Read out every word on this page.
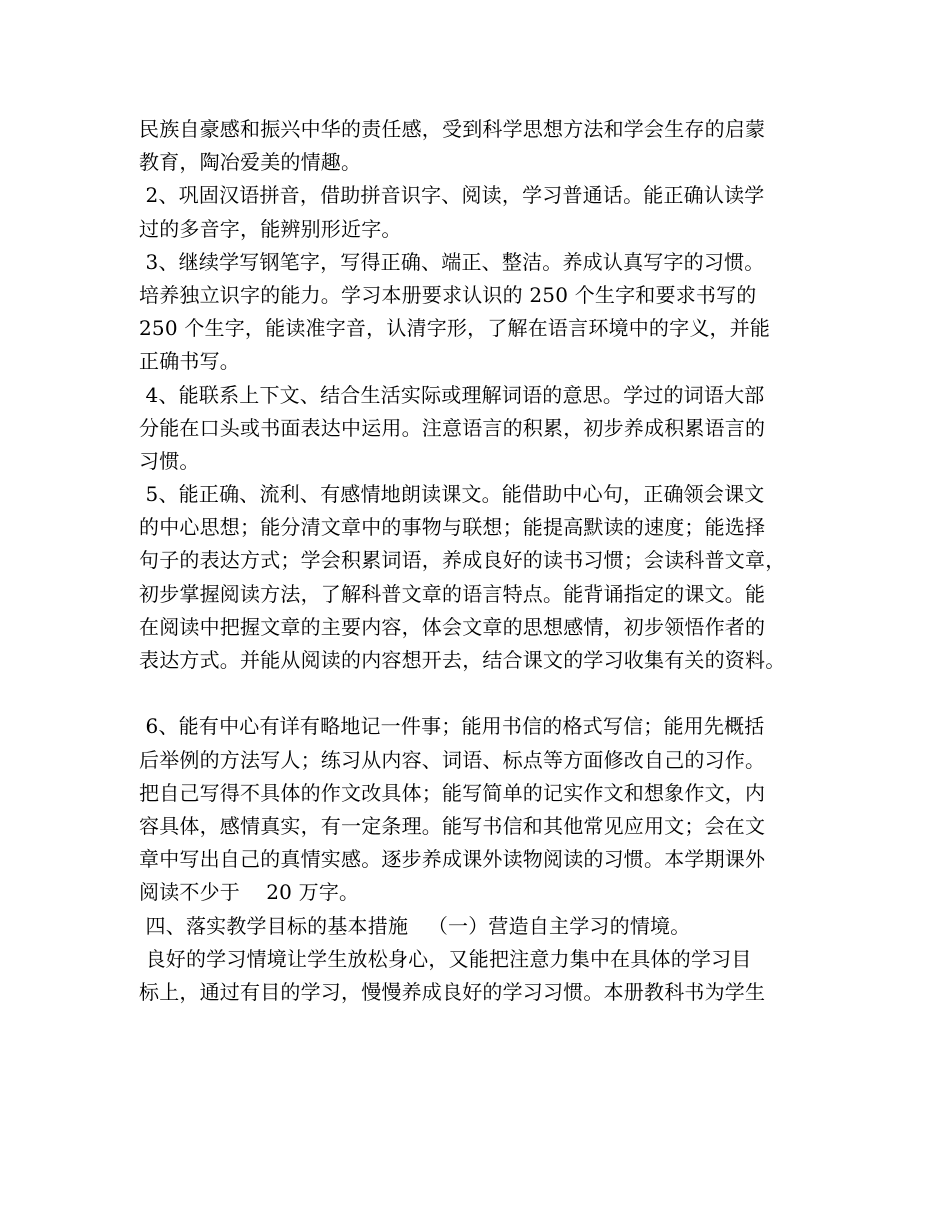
民族自豪感和振兴中华的责任感，受到科学思想方法和学会生存的启蒙
教育，陶冶爱美的情趣。
2、巩固汉语拼音，借助拼音识字、阅读，学习普通话。能正确认读学
过的多音字，能辨别形近字。
3、继续学写钢笔字，写得正确、端正、整洁。养成认真写字的习惯。
培养独立识字的能力。学习本册要求认识的 250 个生字和要求书写的
250 个生字，能读准字音，认清字形，了解在语言环境中的字义，并能
正确书写。
4、能联系上下文、结合生活实际或理解词语的意思。学过的词语大部
分能在口头或书面表达中运用。注意语言的积累，初步养成积累语言的
习惯。
5、能正确、流利、有感情地朗读课文。能借助中心句，正确领会课文
的中心思想；能分清文章中的事物与联想；能提高默读的速度；能选择
句子的表达方式；学会积累词语，养成良好的读书习惯；会读科普文章，
初步掌握阅读方法，了解科普文章的语言特点。能背诵指定的课文。能
在阅读中把握文章的主要内容，体会文章的思想感情，初步领悟作者的
表达方式。并能从阅读的内容想开去，结合课文的学习收集有关的资料。
6、能有中心有详有略地记一件事；能用书信的格式写信；能用先概括
后举例的方法写人；练习从内容、词语、标点等方面修改自己的习作。
把自己写得不具体的作文改具体；能写简单的记实作文和想象作文，内
容具体，感情真实，有一定条理。能写书信和其他常见应用文；会在文
章中写出自己的真情实感。逐步养成课外读物阅读的习惯。本学期课外
阅读不少于    20 万字。
四、落实教学目标的基本措施   （一）营造自主学习的情境。
良好的学习情境让学生放松身心，又能把注意力集中在具体的学习目
标上，通过有目的学习，慢慢养成良好的学习习惯。本册教科书为学生
